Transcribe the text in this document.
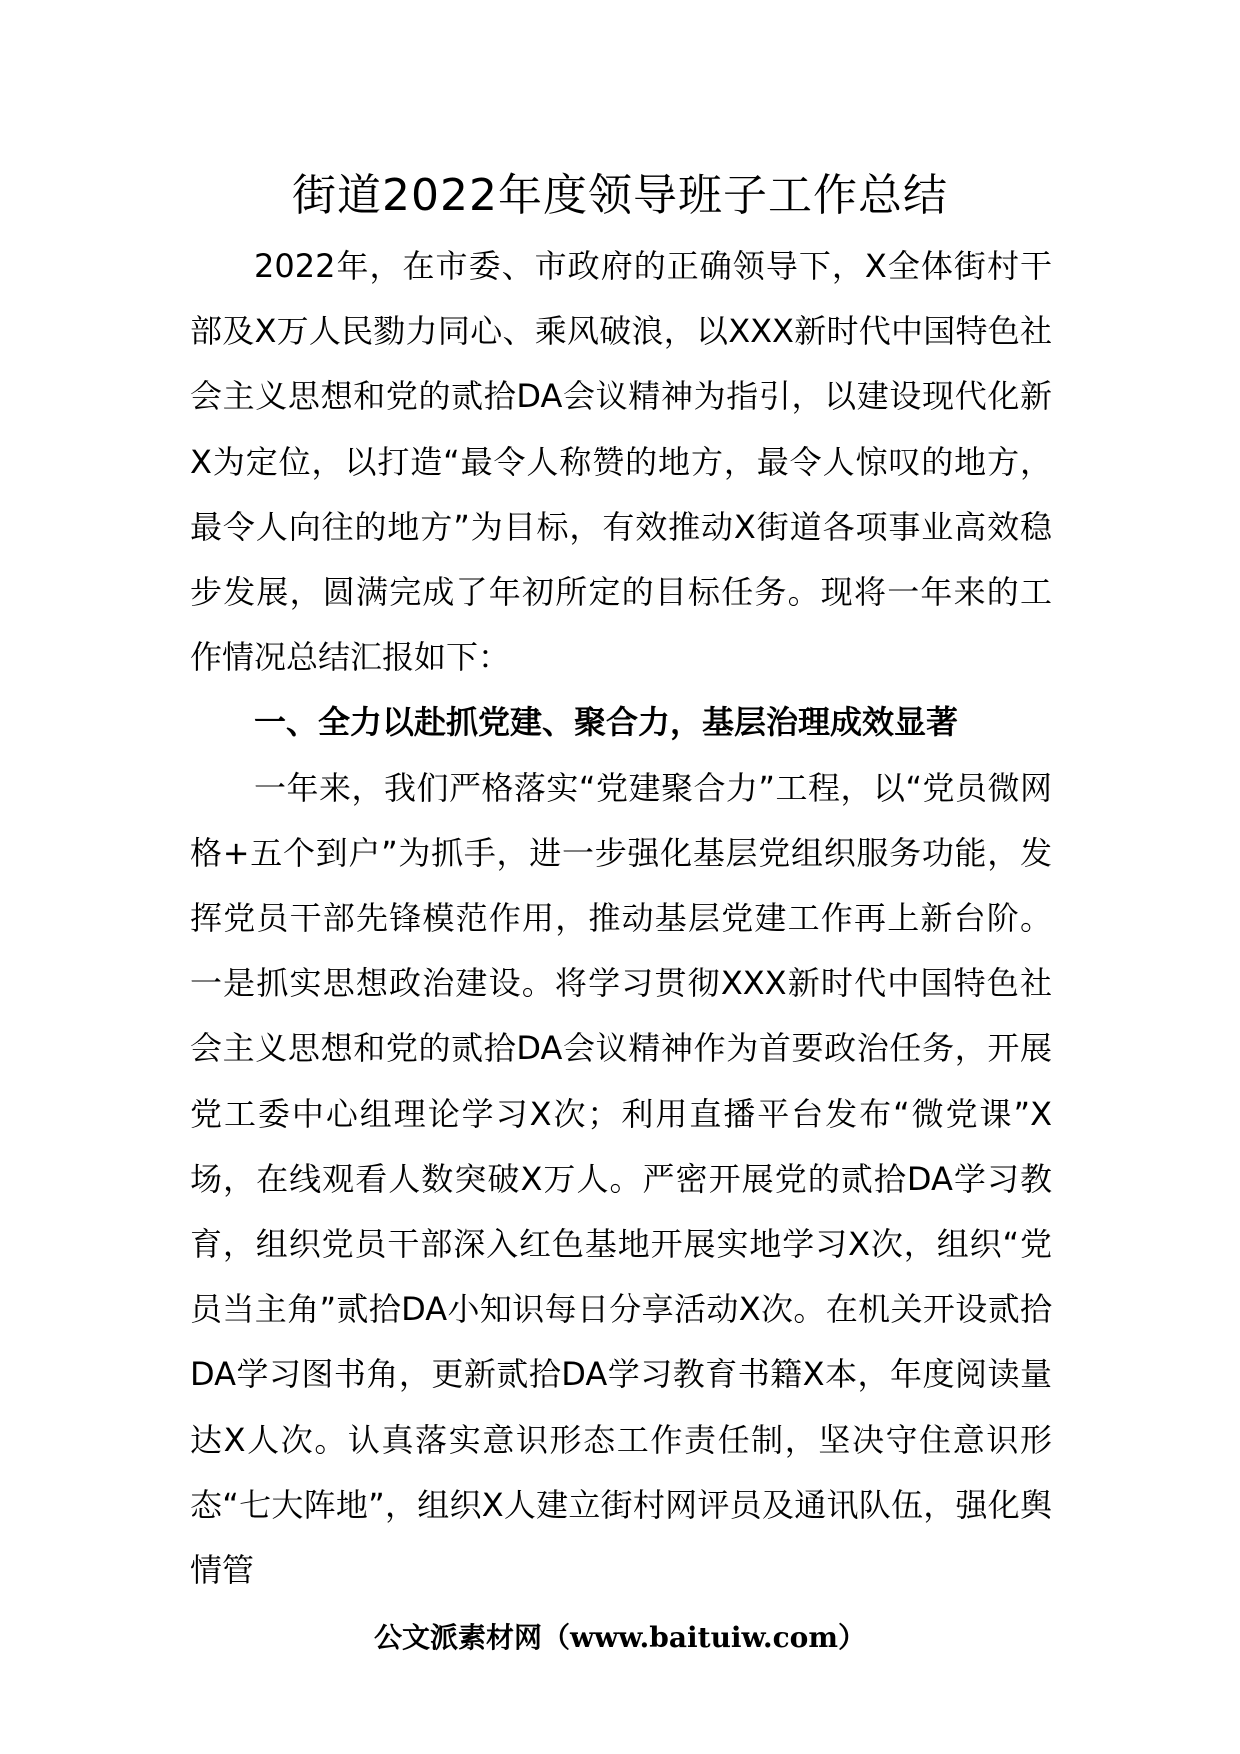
街道2022年度领导班子工作总结

2022年，在市委、市政府的正确领导下，X全体街村干部及X万人民勠力同心、乘风破浪，以XXX新时代中国特色社会主义思想和党的贰拾DA会议精神为指引，以建设现代化新X为定位，以打造“最令人称赞的地方，最令人惊叹的地方，最令人向往的地方”为目标，有效推动X街道各项事业高效稳步发展，圆满完成了年初所定的目标任务。现将一年来的工作情况总结汇报如下：

一、全力以赴抓党建、聚合力，基层治理成效显著

一年来，我们严格落实“党建聚合力”工程，以“党员微网格+五个到户”为抓手，进一步强化基层党组织服务功能，发挥党员干部先锋模范作用，推动基层党建工作再上新台阶。一是抓实思想政治建设。将学习贯彻XXX新时代中国特色社会主义思想和党的贰拾DA会议精神作为首要政治任务，开展党工委中心组理论学习X次；利用直播平台发布“微党课”X场，在线观看人数突破X万人。严密开展党的贰拾DA学习教育，组织党员干部深入红色基地开展实地学习X次，组织“党员当主角”贰拾DA小知识每日分享活动X次。在机关开设贰拾DA学习图书角，更新贰拾DA学习教育书籍X本，年度阅读量达X人次。认真落实意识形态工作责任制，坚决守住意识形态“七大阵地”，组织X人建立街村网评员及通讯队伍，强化舆情管

公文派素材网（www.baituiw.com）
